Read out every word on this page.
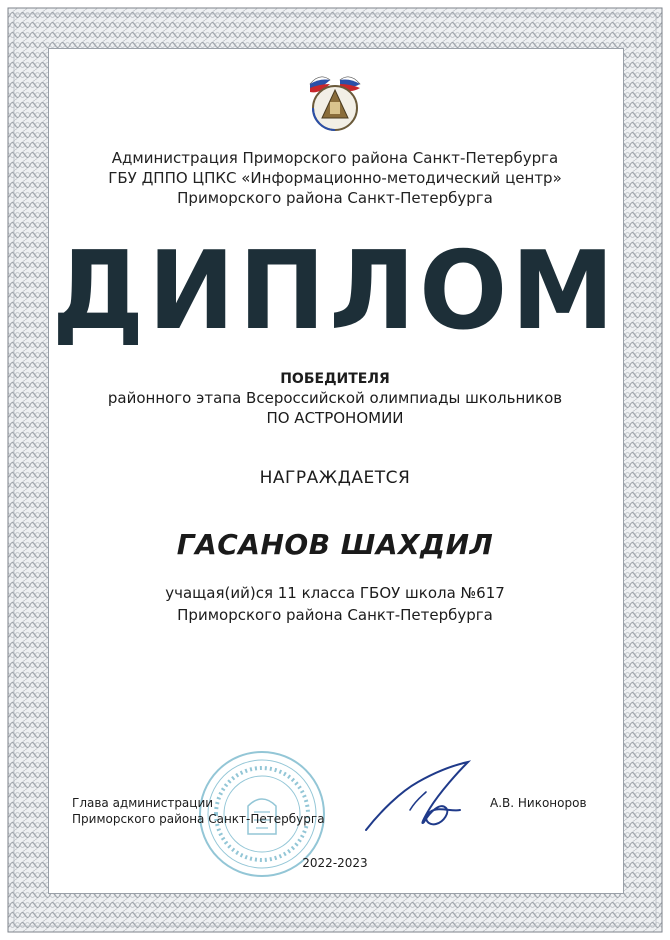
Администрация Приморского района Санкт-Петербурга
ГБУ ДППО ЦПКС «Информационно-методический центр»
Приморского района Санкт-Петербурга
ДИПЛОМ
ПОБЕДИТЕЛЯ
районного этапа Всероссийской олимпиады школьников
ПО АСТРОНОМИИ
НАГРАЖДАЕТСЯ
ГАСАНОВ ШАХДИЛ
учащая(ий)ся 11 класса ГБОУ школа №617
Приморского района Санкт-Петербурга
Глава администрации
Приморского района Санкт-Петербурга
А.В. Никоноров
2022-2023
